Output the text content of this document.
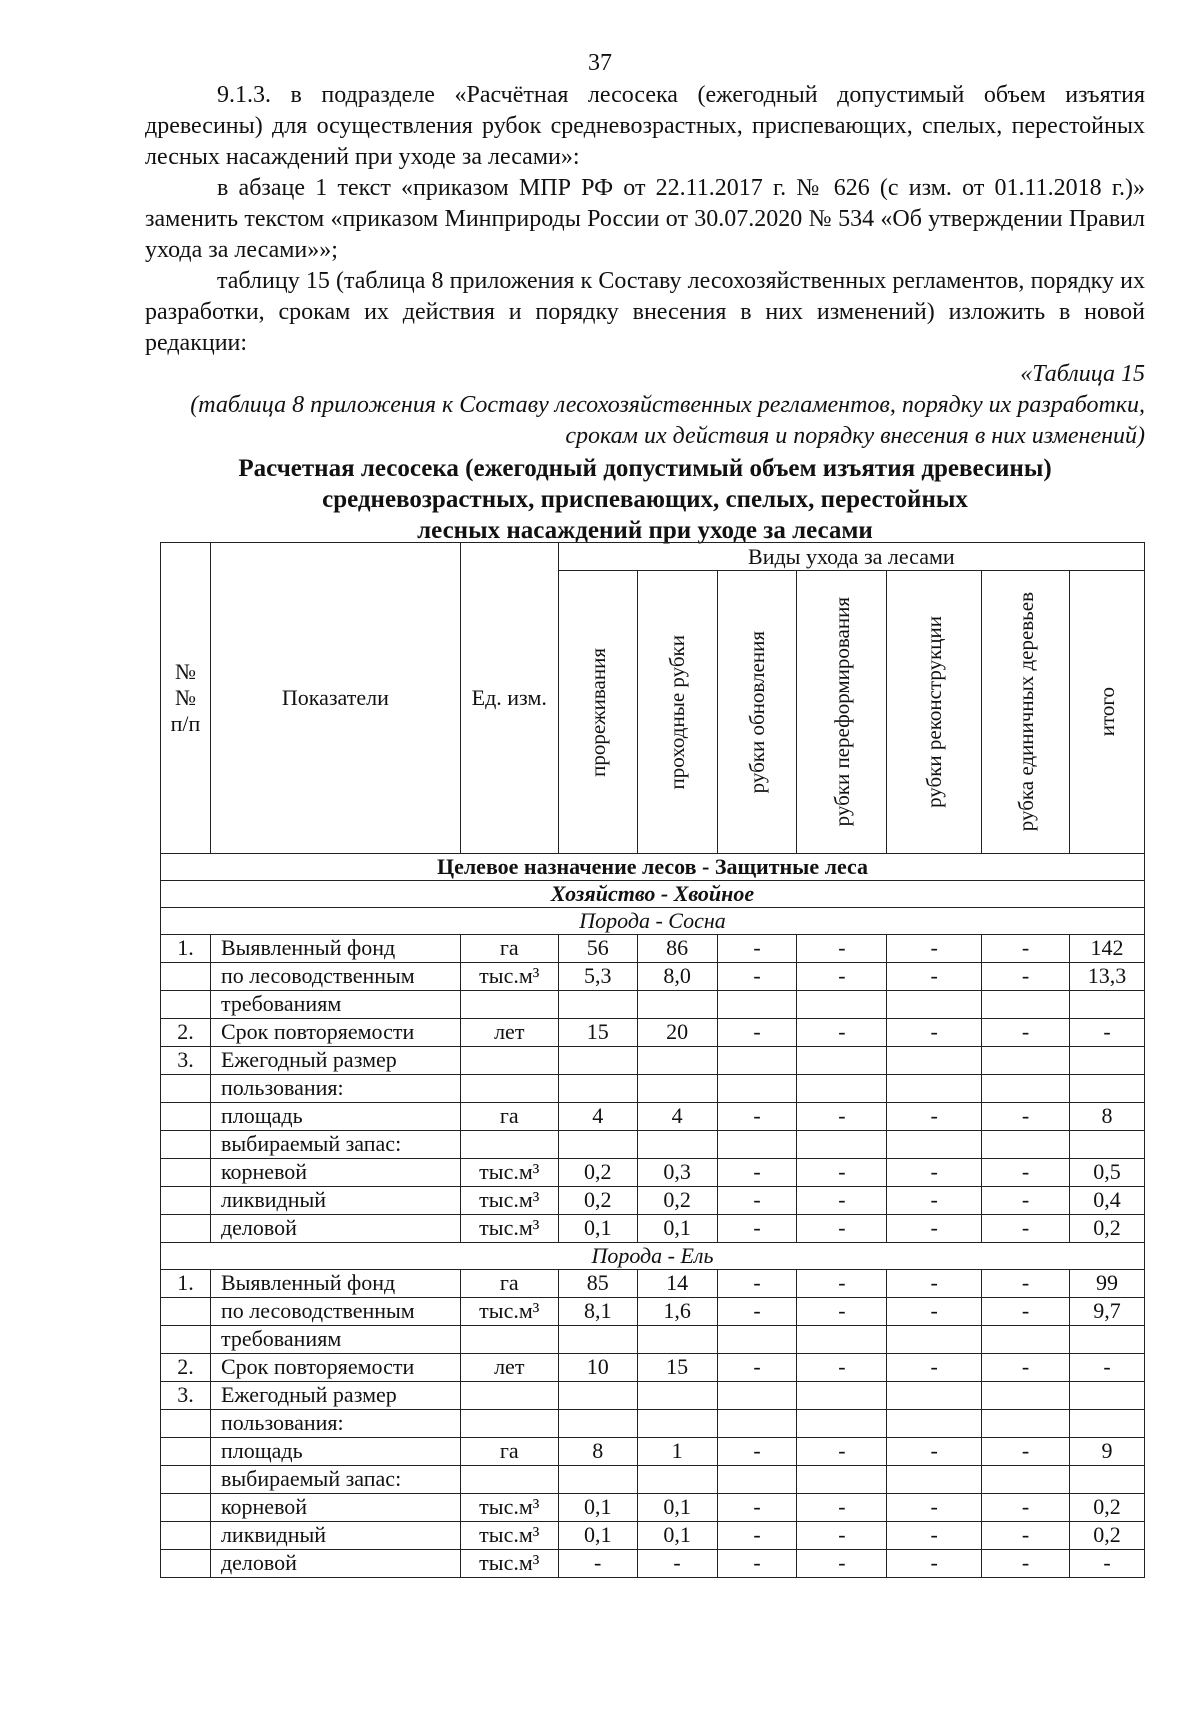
37

9.1.3. в подразделе «Расчётная лесосека (ежегодный допустимый объем изъятия древесины) для осуществления рубок средневозрастных, приспевающих, спелых, перестойных лесных насаждений при уходе за лесами»:

в абзаце 1 текст «приказом МПР РФ от 22.11.2017 г. № 626 (с изм. от 01.11.2018 г.)» заменить текстом «приказом Минприроды России от 30.07.2020 № 534 «Об утверждении Правил ухода за лесами»»;

таблицу 15 (таблица 8 приложения к Составу лесохозяйственных регламентов, порядку их разработки, срокам их действия и порядку внесения в них изменений) изложить в новой редакции:

«Таблица 15

(таблица 8 приложения к Составу лесохозяйственных регламентов, порядку их разработки, срокам их действия и порядку внесения в них изменений)

Расчетная лесосека (ежегодный допустимый объем изъятия древесины)
средневозрастных, приспевающих, спелых, перестойных
лесных насаждений при уходе за лесами
№№ п/п	Показатели	Ед. изм.	Виды ухода за лесами						

			прореживания	проходные рубки	рубки обновления	рубки переформирования	рубки реконструкции	рубка единичных деревьев	итого

Целевое назначение лесов - Защитные леса									
Хозяйство - Хвойное									
Порода - Сосна									
1.	Выявленный фонд	га	56	86	-	-	-	-	142
	по лесоводственным	тыс.м³	5,3	8,0	-	-	-	-	13,3
	требованиям								
2.	Срок повторяемости	лет	15	20	-	-	-	-	-
3.	Ежегодный размер								
	пользования:								
	площадь	га	4	4	-	-	-	-	8
	выбираемый запас:								
	корневой	тыс.м³	0,2	0,3	-	-	-	-	0,5
	ликвидный	тыс.м³	0,2	0,2	-	-	-	-	0,4
	деловой	тыс.м³	0,1	0,1	-	-	-	-	0,2
Порода - Ель									
1.	Выявленный фонд	га	85	14	-	-	-	-	99
	по лесоводственным	тыс.м³	8,1	1,6	-	-	-	-	9,7
	требованиям								
2.	Срок повторяемости	лет	10	15	-	-	-	-	-
3.	Ежегодный размер								
	пользования:								
	площадь	га	8	1	-	-	-	-	9
	выбираемый запас:								
	корневой	тыс.м³	0,1	0,1	-	-	-	-	0,2
	ликвидный	тыс.м³	0,1	0,1	-	-	-	-	0,2
	деловой	тыс.м³	-	-	-	-	-	-	-
